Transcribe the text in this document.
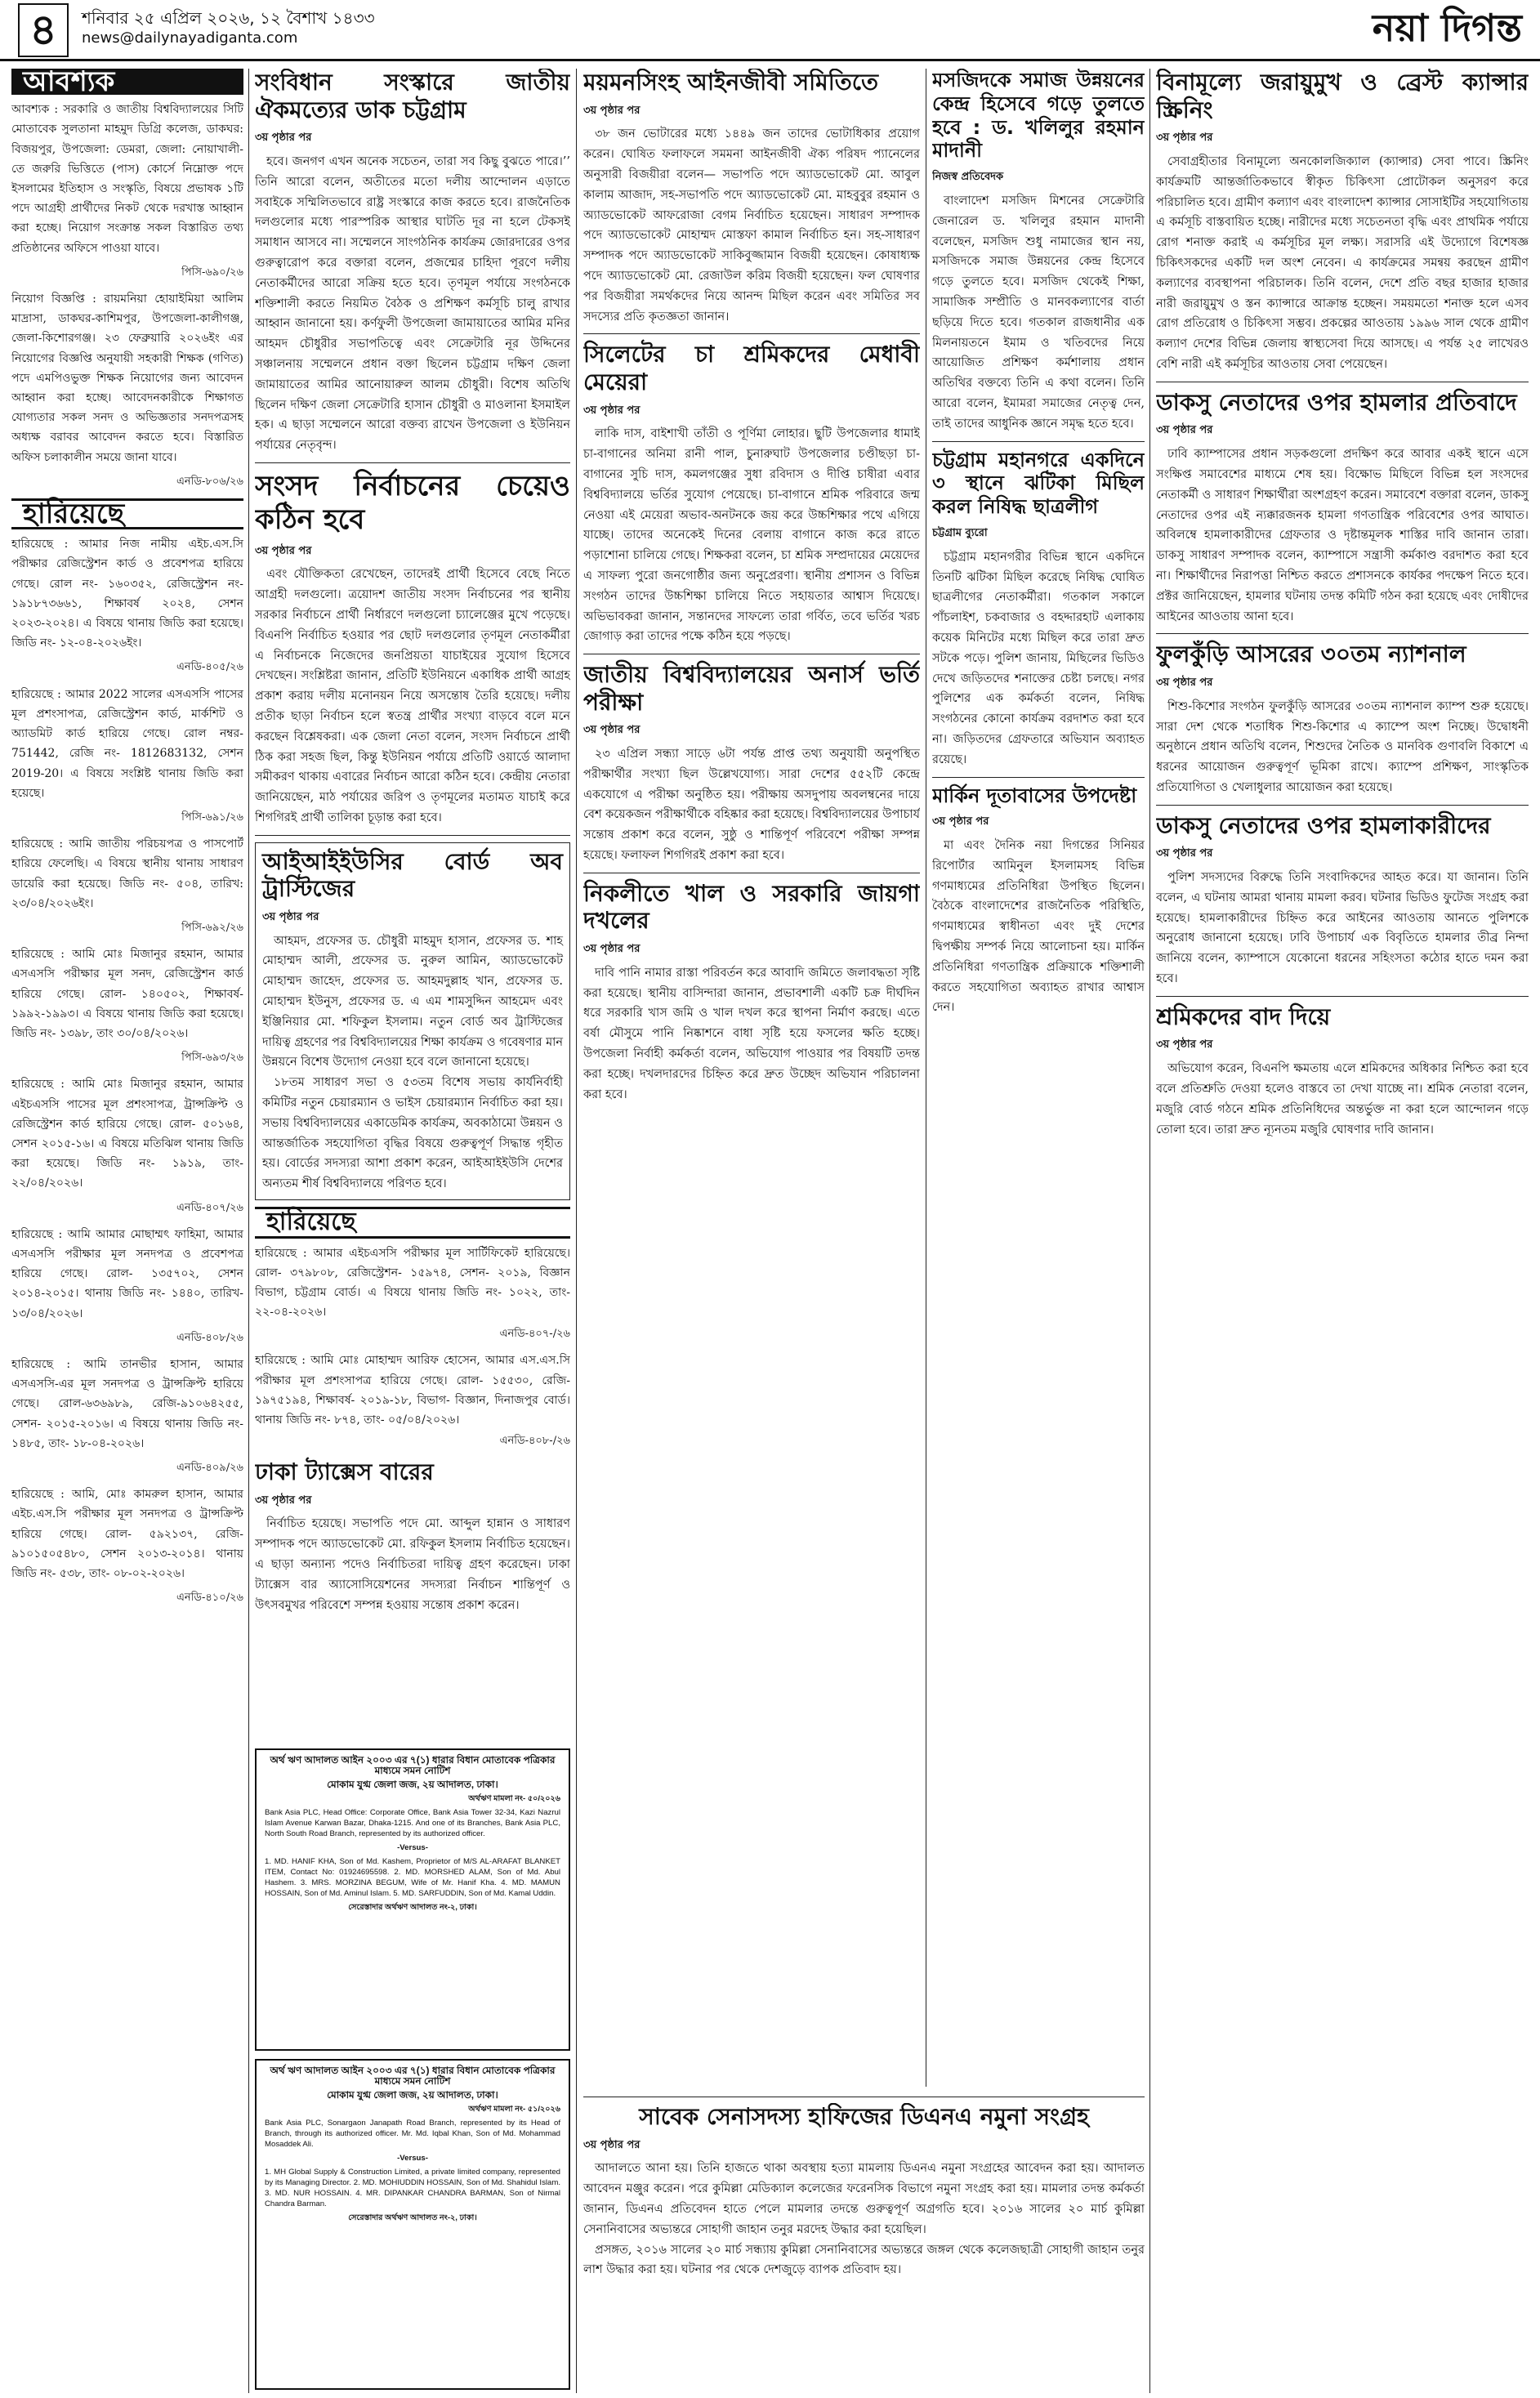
৪	শনিবার ২৫ এপ্রিল ২০২৬, ১২ বৈশাখ ১৪৩৩
news@dailynayadiganta.com	নয়া দিগন্ত
আবশ্যক

আবশ্যক : সরকারি ও জাতীয় বিশ্ববিদ্যালয়ের সিটি মোতাবেক সুলতানা মাহমুদ ডিগ্রি কলেজ, ডাকঘর: বিজয়পুর, উপজেলা: ডেমরা, জেলা: নোয়াখালী-তে জরুরি ভিত্তিতে (পাস) কোর্সে নিম্নোক্ত পদে ইসলামের ইতিহাস ও সংস্কৃতি, বিষয়ে প্রভাষক ১টি পদে আগ্রহী প্রার্থীদের নিকট থেকে দরখাস্ত আহ্বান করা হচ্ছে। নিয়োগ সংক্রান্ত সকল বিস্তারিত তথ্য প্রতিষ্ঠানের অফিসে পাওয়া যাবে।

পিসি-৬৯০/২৬

নিয়োগ বিজ্ঞপ্তি : রায়মনিয়া হোয়াইমিয়া আলিম মাদ্রাসা, ডাকঘর-কাশিমপুর, উপজেলা-কালীগঞ্জ, জেলা-কিশোরগঞ্জ। ২৩ ফেব্রুয়ারি ২০২৬ইং এর নিয়োগের বিজ্ঞপ্তি অনুযায়ী সহকারী শিক্ষক (গণিত) পদে এমপিওভুক্ত শিক্ষক নিয়োগের জন্য আবেদন আহ্বান করা হচ্ছে। আবেদনকারীকে শিক্ষাগত যোগ্যতার সকল সনদ ও অভিজ্ঞতার সনদপত্রসহ অধ্যক্ষ বরাবর আবেদন করতে হবে। বিস্তারিত অফিস চলাকালীন সময়ে জানা যাবে।

এনডি-৮০৬/২৬
হারিয়েছে

হারিয়েছে : আমার নিজ নামীয় এইচ.এস.সি পরীক্ষার রেজিস্ট্রেশন কার্ড ও প্রবেশপত্র হারিয়ে গেছে। রোল নং- ১৬০৩৫২, রেজিস্ট্রেশন নং- ১৯১৮৭৩৬৬১, শিক্ষাবর্ষ ২০২৪, সেশন ২০২৩-২০২৪। এ বিষয়ে থানায় জিডি করা হয়েছে। জিডি নং- ১২-০৪-২০২৬ইং।

এনডি-৪০৫/২৬

হারিয়েছে : আমার 2022 সালের এসএসসি পাসের মূল প্রশংসাপত্র, রেজিস্ট্রেশন কার্ড, মার্কশিট ও অ্যাডমিট কার্ড হারিয়ে গেছে। রোল নম্বর- 751442, রেজি নং- 1812683132, সেশন 2019-20। এ বিষয়ে সংশ্লিষ্ট থানায় জিডি করা হয়েছে।

পিসি-৬৯১/২৬

হারিয়েছে : আমি জাতীয় পরিচয়পত্র ও পাসপোর্ট হারিয়ে ফেলেছি। এ বিষয়ে স্থানীয় থানায় সাধারণ ডায়েরি করা হয়েছে। জিডি নং- ৫০৪, তারিখ: ২৩/০৪/২০২৬ইং।

পিসি-৬৯২/২৬

হারিয়েছে : আমি মোঃ মিজানুর রহমান, আমার এসএসসি পরীক্ষার মূল সনদ, রেজিস্ট্রেশন কার্ড হারিয়ে গেছে। রোল- ১৪০৫০২, শিক্ষাবর্ষ- ১৯৯২-১৯৯৩। এ বিষয়ে থানায় জিডি করা হয়েছে। জিডি নং- ১৩৯৮, তাং ৩০/০৪/২০২৬।

পিসি-৬৯৩/২৬

হারিয়েছে : আমি মোঃ মিজানুর রহমান, আমার এইচএসসি পাসের মূল প্রশংসাপত্র, ট্রান্সক্রিপ্ট ও রেজিস্ট্রেশন কার্ড হারিয়ে গেছে। রোল- ৫০১৬৪, সেশন ২০১৫-১৬। এ বিষয়ে মতিঝিল থানায় জিডি করা হয়েছে। জিডি নং- ১৯১৯, তাং- ২২/০৪/২০২৬।

এনডি-৪০৭/২৬

হারিয়েছে : আমি আমার মোছাম্মৎ ফাহিমা, আমার এসএসসি পরীক্ষার মূল সনদপত্র ও প্রবেশপত্র হারিয়ে গেছে। রোল- ১৩৫৭০২, সেশন ২০১৪-২০১৫। থানায় জিডি নং- ১৪৪০, তারিখ- ১৩/০৪/২০২৬।

এনডি-৪০৮/২৬

হারিয়েছে : আমি তানভীর হাসান, আমার এসএসসি-এর মূল সনদপত্র ও ট্রান্সক্রিপ্ট হারিয়ে গেছে। রোল-৬৩৬৯৮৯, রেজি-৯১০৬৪২৫৫, সেশন- ২০১৫-২০১৬। এ বিষয়ে থানায় জিডি নং- ১৪৮৫, তাং- ১৮-০৪-২০২৬।

এনডি-৪০৯/২৬

হারিয়েছে : আমি, মোঃ কামরুল হাসান, আমার এইচ.এস.সি পরীক্ষার মূল সনদপত্র ও ট্রান্সক্রিপ্ট হারিয়ে গেছে। রোল- ৫৯২১৩৭, রেজি- ৯১০১৫০৫৪৮০, সেশন ২০১৩-২০১৪। থানায় জিডি নং- ৫৩৮, তাং- ০৮-০২-২০২৬।

এনডি-৪১০/২৬
সংবিধান সংস্কারে জাতীয় ঐকমত্যের ডাক চট্টগ্রাম
৩য় পৃষ্ঠার পর

হবে। জনগণ এখন অনেক সচেতন, তারা সব কিছু বুঝতে পারে।’’ তিনি আরো বলেন, অতীতের মতো দলীয় আন্দোলন এড়াতে সবাইকে সম্মিলিতভাবে রাষ্ট্র সংস্কারে কাজ করতে হবে। রাজনৈতিক দলগুলোর মধ্যে পারস্পরিক আস্থার ঘাটতি দূর না হলে টেকসই সমাধান আসবে না। সম্মেলনে সাংগঠনিক কার্যক্রম জোরদারের ওপর গুরুত্বারোপ করে বক্তারা বলেন, প্রজন্মের চাহিদা পূরণে দলীয় নেতাকর্মীদের আরো সক্রিয় হতে হবে। তৃণমূল পর্যায়ে সংগঠনকে শক্তিশালী করতে নিয়মিত বৈঠক ও প্রশিক্ষণ কর্মসূচি চালু রাখার আহ্বান জানানো হয়। কর্ণফুলী উপজেলা জামায়াতের আমির মনির আহমদ চৌধুরীর সভাপতিত্বে এবং সেক্রেটারি নূর উদ্দিনের সঞ্চালনায় সম্মেলনে প্রধান বক্তা ছিলেন চট্টগ্রাম দক্ষিণ জেলা জামায়াতের আমির আনোয়ারুল আলম চৌধুরী। বিশেষ অতিথি ছিলেন দক্ষিণ জেলা সেক্রেটারি হাসান চৌধুরী ও মাওলানা ইসমাইল হক। এ ছাড়া সম্মেলনে আরো বক্তব্য রাখেন উপজেলা ও ইউনিয়ন পর্যায়ের নেতৃবৃন্দ।

সংসদ নির্বাচনের চেয়েও কঠিন হবে
৩য় পৃষ্ঠার পর

এবং যৌক্তিকতা রেখেছেন, তাদেরই প্রার্থী হিসেবে বেছে নিতে আগ্রহী দলগুলো। ত্রয়োদশ জাতীয় সংসদ নির্বাচনের পর স্থানীয় সরকার নির্বাচনে প্রার্থী নির্ধারণে দলগুলো চ্যালেঞ্জের মুখে পড়েছে। বিএনপি নির্বাচিত হওয়ার পর ছোট দলগুলোর তৃণমূল নেতাকর্মীরা এ নির্বাচনকে নিজেদের জনপ্রিয়তা যাচাইয়ের সুযোগ হিসেবে দেখছেন। সংশ্লিষ্টরা জানান, প্রতিটি ইউনিয়নে একাধিক প্রার্থী আগ্রহ প্রকাশ করায় দলীয় মনোনয়ন নিয়ে অসন্তোষ তৈরি হয়েছে। দলীয় প্রতীক ছাড়া নির্বাচন হলে স্বতন্ত্র প্রার্থীর সংখ্যা বাড়বে বলে মনে করছেন বিশ্লেষকরা। এক জেলা নেতা বলেন, সংসদ নির্বাচনে প্রার্থী ঠিক করা সহজ ছিল, কিন্তু ইউনিয়ন পর্যায়ে প্রতিটি ওয়ার্ডে আলাদা সমীকরণ থাকায় এবারের নির্বাচন আরো কঠিন হবে। কেন্দ্রীয় নেতারা জানিয়েছেন, মাঠ পর্যায়ের জরিপ ও তৃণমূলের মতামত যাচাই করে শিগগিরই প্রার্থী তালিকা চূড়ান্ত করা হবে।

আইআইইউসির বোর্ড অব ট্রাস্টিজের
৩য় পৃষ্ঠার পর

আহমদ, প্রফেসর ড. চৌধুরী মাহমুদ হাসান, প্রফেসর ড. শাহ মোহাম্মদ আলী, প্রফেসর ড. নুরুল আমিন, অ্যাডভোকেট মোহাম্মদ জাহেদ, প্রফেসর ড. আহমদুল্লাহ খান, প্রফেসর ড. মোহাম্মদ ইউনুস, প্রফেসর ড. এ এম শামসুদ্দিন আহমেদ এবং ইঞ্জিনিয়ার মো. শফিকুল ইসলাম। নতুন বোর্ড অব ট্রাস্টিজের দায়িত্ব গ্রহণের পর বিশ্ববিদ্যালয়ের শিক্ষা কার্যক্রম ও গবেষণার মান উন্নয়নে বিশেষ উদ্যোগ নেওয়া হবে বলে জানানো হয়েছে।

১৮তম সাধারণ সভা ও ৫৩তম বিশেষ সভায় কার্যনির্বাহী কমিটির নতুন চেয়ারম্যান ও ভাইস চেয়ারম্যান নির্বাচিত করা হয়। সভায় বিশ্ববিদ্যালয়ের একাডেমিক কার্যক্রম, অবকাঠামো উন্নয়ন ও আন্তর্জাতিক সহযোগিতা বৃদ্ধির বিষয়ে গুরুত্বপূর্ণ সিদ্ধান্ত গৃহীত হয়। বোর্ডের সদস্যরা আশা প্রকাশ করেন, আইআইইউসি দেশের অন্যতম শীর্ষ বিশ্ববিদ্যালয়ে পরিণত হবে।

হারিয়েছে

হারিয়েছে : আমার এইচএসসি পরীক্ষার মূল সার্টিফিকেট হারিয়েছে। রোল- ৩৭৯৮০৮, রেজিস্ট্রেশন- ১৫৯৭৪, সেশন- ২০১৯, বিজ্ঞান বিভাগ, চট্টগ্রাম বোর্ড। এ বিষয়ে থানায় জিডি নং- ১০২২, তাং- ২২-০৪-২০২৬।

এনডি-৪০৭-/২৬

হারিয়েছে : আমি মোঃ মোহাম্মদ আরিফ হোসেন, আমার এস.এস.সি পরীক্ষার মূল প্রশংসাপত্র হারিয়ে গেছে। রোল- ১৫৫৩০, রেজি- ১৯৭৫১৯৪, শিক্ষাবর্ষ- ২০১৯-১৮, বিভাগ- বিজ্ঞান, দিনাজপুর বোর্ড। থানায় জিডি নং- ৮৭৪, তাং- ০৫/০৪/২০২৬।

এনডি-৪০৮-/২৬
ঢাকা ট্যাক্সেস বারের
৩য় পৃষ্ঠার পর

নির্বাচিত হয়েছে। সভাপতি পদে মো. আব্দুল হান্নান ও সাধারণ সম্পাদক পদে অ্যাডভোকেট মো. রফিকুল ইসলাম নির্বাচিত হয়েছেন। এ ছাড়া অন্যান্য পদেও নির্বাচিতরা দায়িত্ব গ্রহণ করেছেন। ঢাকা ট্যাক্সেস বার অ্যাসোসিয়েশনের সদস্যরা নির্বাচন শান্তিপূর্ণ ও উৎসবমুখর পরিবেশে সম্পন্ন হওয়ায় সন্তোষ প্রকাশ করেন।

অর্থ ঋণ আদালত আইন ২০০৩ এর ৭(১) ধারার বিধান মোতাবেক পত্রিকার মাধ্যমে সমন নোটিশ
মোকাম যুগ্ম জেলা জজ, ২য় আদালত, ঢাকা।
অর্থঋণ মামলা নং- ৫০/২০২৬
Bank Asia PLC, Head Office: Corporate Office, Bank Asia Tower 32-34, Kazi Nazrul Islam Avenue Karwan Bazar, Dhaka-1215. And one of its Branches, Bank Asia PLC, North South Road Branch, represented by its authorized officer.
-Versus-
1. MD. HANIF KHA, Son of Md. Kashem, Proprietor of M/S AL-ARAFAT BLANKET ITEM, Contact No: 01924695598. 2. MD. MORSHED ALAM, Son of Md. Abul Hashem. 3. MRS. MORZINA BEGUM, Wife of Mr. Hanif Kha. 4. MD. MAMUN HOSSAIN, Son of Md. Aminul Islam. 5. MD. SARFUDDIN, Son of Md. Kamal Uddin.
সেরেস্তাদার অর্থঋণ আদালত নং-২, ঢাকা।
অর্থ ঋণ আদালত আইন ২০০৩ এর ৭(১) ধারার বিধান মোতাবেক পত্রিকার মাধ্যমে সমন নোটিশ
মোকাম যুগ্ম জেলা জজ, ২য় আদালত, ঢাকা।
অর্থঋণ মামলা নং- ৫১/২০২৬
Bank Asia PLC, Sonargaon Janapath Road Branch, represented by its Head of Branch, through its authorized officer. Mr. Md. Iqbal Khan, Son of Md. Mohammad Mosaddek Ali.
-Versus-
1. MH Global Supply & Construction Limited, a private limited company, represented by its Managing Director. 2. MD. MOHIUDDIN HOSSAIN, Son of Md. Shahidul Islam. 3. MD. NUR HOSSAIN. 4. MR. DIPANKAR CHANDRA BARMAN, Son of Nirmal Chandra Barman.
সেরেস্তাদার অর্থঋণ আদালত নং-২, ঢাকা।
ময়মনসিংহ আইনজীবী সমিতিতে
৩য় পৃষ্ঠার পর

৩৮ জন ভোটারের মধ্যে ১৪৪৯ জন তাদের ভোটাধিকার প্রয়োগ করেন। ঘোষিত ফলাফলে সমমনা আইনজীবী ঐক্য পরিষদ প্যানেলের অনুসারী বিজয়ীরা বলেন— সভাপতি পদে অ্যাডভোকেট মো. আবুল কালাম আজাদ, সহ-সভাপতি পদে অ্যাডভোকেট মো. মাহবুবুর রহমান ও অ্যাডভোকেট আফরোজা বেগম নির্বাচিত হয়েছেন। সাধারণ সম্পাদক পদে অ্যাডভোকেট মোহাম্মদ মোস্তফা কামাল নির্বাচিত হন। সহ-সাধারণ সম্পাদক পদে অ্যাডভোকেট সাকিবুজ্জামান বিজয়ী হয়েছেন। কোষাধ্যক্ষ পদে অ্যাডভোকেট মো. রেজাউল করিম বিজয়ী হয়েছেন। ফল ঘোষণার পর বিজয়ীরা সমর্থকদের নিয়ে আনন্দ মিছিল করেন এবং সমিতির সব সদস্যের প্রতি কৃতজ্ঞতা জানান।

সিলেটের চা শ্রমিকদের মেধাবী মেয়েরা
৩য় পৃষ্ঠার পর

লাকি দাস, বাইশাখী তাঁতী ও পূর্ণিমা লোহার। ছুটি উপজেলার ধামাই চা-বাগানের অনিমা রানী পাল, চুনারুঘাট উপজেলার চণ্ডীছড়া চা-বাগানের সুচি দাস, কমলগঞ্জের সুধা রবিদাস ও দীপ্তি চাষীরা এবার বিশ্ববিদ্যালয়ে ভর্তির সুযোগ পেয়েছে। চা-বাগানে শ্রমিক পরিবারে জন্ম নেওয়া এই মেয়েরা অভাব-অনটনকে জয় করে উচ্চশিক্ষার পথে এগিয়ে যাচ্ছে। তাদের অনেকেই দিনের বেলায় বাগানে কাজ করে রাতে পড়াশোনা চালিয়ে গেছে। শিক্ষকরা বলেন, চা শ্রমিক সম্প্রদায়ের মেয়েদের এ সাফল্য পুরো জনগোষ্ঠীর জন্য অনুপ্রেরণা। স্থানীয় প্রশাসন ও বিভিন্ন সংগঠন তাদের উচ্চশিক্ষা চালিয়ে নিতে সহায়তার আশ্বাস দিয়েছে। অভিভাবকরা জানান, সন্তানদের সাফল্যে তারা গর্বিত, তবে ভর্তির খরচ জোগাড় করা তাদের পক্ষে কঠিন হয়ে পড়ছে।

জাতীয় বিশ্ববিদ্যালয়ের অনার্স ভর্তি পরীক্ষা
৩য় পৃষ্ঠার পর

২৩ এপ্রিল সন্ধ্যা সাড়ে ৬টা পর্যন্ত প্রাপ্ত তথ্য অনুযায়ী অনুপস্থিত পরীক্ষার্থীর সংখ্যা ছিল উল্লেখযোগ্য। সারা দেশের ৫৫২টি কেন্দ্রে একযোগে এ পরীক্ষা অনুষ্ঠিত হয়। পরীক্ষায় অসদুপায় অবলম্বনের দায়ে বেশ কয়েকজন পরীক্ষার্থীকে বহিষ্কার করা হয়েছে। বিশ্ববিদ্যালয়ের উপাচার্য সন্তোষ প্রকাশ করে বলেন, সুষ্ঠু ও শান্তিপূর্ণ পরিবেশে পরীক্ষা সম্পন্ন হয়েছে। ফলাফল শিগগিরই প্রকাশ করা হবে।

নিকলীতে খাল ও সরকারি জায়গা দখলের
৩য় পৃষ্ঠার পর

দাবি পানি নামার রাস্তা পরিবর্তন করে আবাদি জমিতে জলাবদ্ধতা সৃষ্টি করা হয়েছে। স্থানীয় বাসিন্দারা জানান, প্রভাবশালী একটি চক্র দীর্ঘদিন ধরে সরকারি খাস জমি ও খাল দখল করে স্থাপনা নির্মাণ করছে। এতে বর্ষা মৌসুমে পানি নিষ্কাশনে বাধা সৃষ্টি হয়ে ফসলের ক্ষতি হচ্ছে। উপজেলা নির্বাহী কর্মকর্তা বলেন, অভিযোগ পাওয়ার পর বিষয়টি তদন্ত করা হচ্ছে। দখলদারদের চিহ্নিত করে দ্রুত উচ্ছেদ অভিযান পরিচালনা করা হবে।

মসজিদকে সমাজ উন্নয়নের কেন্দ্র হিসেবে গড়ে তুলতে হবে : ড. খলিলুর রহমান মাদানী
নিজস্ব প্রতিবেদক

বাংলাদেশ মসজিদ মিশনের সেক্রেটারি জেনারেল ড. খলিলুর রহমান মাদানী বলেছেন, মসজিদ শুধু নামাজের স্থান নয়, মসজিদকে সমাজ উন্নয়নের কেন্দ্র হিসেবে গড়ে তুলতে হবে। মসজিদ থেকেই শিক্ষা, সামাজিক সম্প্রীতি ও মানবকল্যাণের বার্তা ছড়িয়ে দিতে হবে। গতকাল রাজধানীর এক মিলনায়তনে ইমাম ও খতিবদের নিয়ে আয়োজিত প্রশিক্ষণ কর্মশালায় প্রধান অতিথির বক্তব্যে তিনি এ কথা বলেন। তিনি আরো বলেন, ইমামরা সমাজের নেতৃত্ব দেন, তাই তাদের আধুনিক জ্ঞানে সমৃদ্ধ হতে হবে।

চট্টগ্রাম মহানগরে একদিনে ৩ স্থানে ঝটিকা মিছিল করল নিষিদ্ধ ছাত্রলীগ
চট্টগ্রাম ব্যুরো

চট্টগ্রাম মহানগরীর বিভিন্ন স্থানে একদিনে তিনটি ঝটিকা মিছিল করেছে নিষিদ্ধ ঘোষিত ছাত্রলীগের নেতাকর্মীরা। গতকাল সকালে পাঁচলাইশ, চকবাজার ও বহদ্দারহাট এলাকায় কয়েক মিনিটের মধ্যে মিছিল করে তারা দ্রুত সটকে পড়ে। পুলিশ জানায়, মিছিলের ভিডিও দেখে জড়িতদের শনাক্তের চেষ্টা চলছে। নগর পুলিশের এক কর্মকর্তা বলেন, নিষিদ্ধ সংগঠনের কোনো কার্যক্রম বরদাশত করা হবে না। জড়িতদের গ্রেফতারে অভিযান অব্যাহত রয়েছে।

মার্কিন দূতাবাসের উপদেষ্টা
৩য় পৃষ্ঠার পর

মা এবং দৈনিক নয়া দিগন্তের সিনিয়র রিপোর্টার আমিনুল ইসলামসহ বিভিন্ন গণমাধ্যমের প্রতিনিধিরা উপস্থিত ছিলেন। বৈঠকে বাংলাদেশের রাজনৈতিক পরিস্থিতি, গণমাধ্যমের স্বাধীনতা এবং দুই দেশের দ্বিপক্ষীয় সম্পর্ক নিয়ে আলোচনা হয়। মার্কিন প্রতিনিধিরা গণতান্ত্রিক প্রক্রিয়াকে শক্তিশালী করতে সহযোগিতা অব্যাহত রাখার আশ্বাস দেন।

বিনামূল্যে জরায়ুমুখ ও ব্রেস্ট ক্যান্সার স্ক্রিনিং
৩য় পৃষ্ঠার পর

সেবাগ্রহীতার বিনামূল্যে অনকোলজিক্যাল (ক্যান্সার) সেবা পাবে। স্ক্রিনিং কার্যক্রমটি আন্তর্জাতিকভাবে স্বীকৃত চিকিৎসা প্রোটোকল অনুসরণ করে পরিচালিত হবে। গ্রামীণ কল্যাণ এবং বাংলাদেশ ক্যান্সার সোসাইটির সহযোগিতায় এ কর্মসূচি বাস্তবায়িত হচ্ছে। নারীদের মধ্যে সচেতনতা বৃদ্ধি এবং প্রাথমিক পর্যায়ে রোগ শনাক্ত করাই এ কর্মসূচির মূল লক্ষ্য। সরাসরি এই উদ্যোগে বিশেষজ্ঞ চিকিৎসকদের একটি দল অংশ নেবেন। এ কার্যক্রমের সমন্বয় করছেন গ্রামীণ কল্যাণের ব্যবস্থাপনা পরিচালক। তিনি বলেন, দেশে প্রতি বছর হাজার হাজার নারী জরায়ুমুখ ও স্তন ক্যান্সারে আক্রান্ত হচ্ছেন। সময়মতো শনাক্ত হলে এসব রোগ প্রতিরোধ ও চিকিৎসা সম্ভব। প্রকল্পের আওতায় ১৯৯৬ সাল থেকে গ্রামীণ কল্যাণ দেশের বিভিন্ন জেলায় স্বাস্থ্যসেবা দিয়ে আসছে। এ পর্যন্ত ২৫ লাখেরও বেশি নারী এই কর্মসূচির আওতায় সেবা পেয়েছেন।

ডাকসু নেতাদের ওপর হামলার প্রতিবাদে
৩য় পৃষ্ঠার পর

ঢাবি ক্যাম্পাসের প্রধান সড়কগুলো প্রদক্ষিণ করে আবার একই স্থানে এসে সংক্ষিপ্ত সমাবেশের মাধ্যমে শেষ হয়। বিক্ষোভ মিছিলে বিভিন্ন হল সংসদের নেতাকর্মী ও সাধারণ শিক্ষার্থীরা অংশগ্রহণ করেন। সমাবেশে বক্তারা বলেন, ডাকসু নেতাদের ওপর এই ন্যক্কারজনক হামলা গণতান্ত্রিক পরিবেশের ওপর আঘাত। অবিলম্বে হামলাকারীদের গ্রেফতার ও দৃষ্টান্তমূলক শাস্তির দাবি জানান তারা। ডাকসু সাধারণ সম্পাদক বলেন, ক্যাম্পাসে সন্ত্রাসী কর্মকাণ্ড বরদাশত করা হবে না। শিক্ষার্থীদের নিরাপত্তা নিশ্চিত করতে প্রশাসনকে কার্যকর পদক্ষেপ নিতে হবে। প্রক্টর জানিয়েছেন, হামলার ঘটনায় তদন্ত কমিটি গঠন করা হয়েছে এবং দোষীদের আইনের আওতায় আনা হবে।

ফুলকুঁড়ি আসরের ৩০তম ন্যাশনাল
৩য় পৃষ্ঠার পর

শিশু-কিশোর সংগঠন ফুলকুঁড়ি আসরের ৩০তম ন্যাশনাল ক্যাম্প শুরু হয়েছে। সারা দেশ থেকে শতাধিক শিশু-কিশোর এ ক্যাম্পে অংশ নিচ্ছে। উদ্বোধনী অনুষ্ঠানে প্রধান অতিথি বলেন, শিশুদের নৈতিক ও মানবিক গুণাবলি বিকাশে এ ধরনের আয়োজন গুরুত্বপূর্ণ ভূমিকা রাখে। ক্যাম্পে প্রশিক্ষণ, সাংস্কৃতিক প্রতিযোগিতা ও খেলাধুলার আয়োজন করা হয়েছে।

ডাকসু নেতাদের ওপর হামলাকারীদের
৩য় পৃষ্ঠার পর

পুলিশ সদস্যদের বিরুদ্ধে তিনি সংবাদিকদের আহত করে। যা জানান। তিনি বলেন, এ ঘটনায় আমরা থানায় মামলা করব। ঘটনার ভিডিও ফুটেজ সংগ্রহ করা হয়েছে। হামলাকারীদের চিহ্নিত করে আইনের আওতায় আনতে পুলিশকে অনুরোধ জানানো হয়েছে। ঢাবি উপাচার্য এক বিবৃতিতে হামলার তীব্র নিন্দা জানিয়ে বলেন, ক্যাম্পাসে যেকোনো ধরনের সহিংসতা কঠোর হাতে দমন করা হবে।

শ্রমিকদের বাদ দিয়ে
৩য় পৃষ্ঠার পর

অভিযোগ করেন, বিএনপি ক্ষমতায় এলে শ্রমিকদের অধিকার নিশ্চিত করা হবে বলে প্রতিশ্রুতি দেওয়া হলেও বাস্তবে তা দেখা যাচ্ছে না। শ্রমিক নেতারা বলেন, মজুরি বোর্ড গঠনে শ্রমিক প্রতিনিধিদের অন্তর্ভুক্ত না করা হলে আন্দোলন গড়ে তোলা হবে। তারা দ্রুত ন্যূনতম মজুরি ঘোষণার দাবি জানান।

সাবেক সেনাসদস্য হাফিজের ডিএনএ নমুনা সংগ্রহ
৩য় পৃষ্ঠার পর

আদালতে আনা হয়। তিনি হাজতে থাকা অবস্থায় হত্যা মামলায় ডিএনএ নমুনা সংগ্রহের আবেদন করা হয়। আদালত আবেদন মঞ্জুর করেন। পরে কুমিল্লা মেডিক্যাল কলেজের ফরেনসিক বিভাগে নমুনা সংগ্রহ করা হয়। মামলার তদন্ত কর্মকর্তা জানান, ডিএনএ প্রতিবেদন হাতে পেলে মামলার তদন্তে গুরুত্বপূর্ণ অগ্রগতি হবে। ২০১৬ সালের ২০ মার্চ কুমিল্লা সেনানিবাসের অভ্যন্তরে সোহাগী জাহান তনুর মরদেহ উদ্ধার করা হয়েছিল।

প্রসঙ্গত, ২০১৬ সালের ২০ মার্চ সন্ধ্যায় কুমিল্লা সেনানিবাসের অভ্যন্তরে জঙ্গল থেকে কলেজছাত্রী সোহাগী জাহান তনুর লাশ উদ্ধার করা হয়। ঘটনার পর থেকে দেশজুড়ে ব্যাপক প্রতিবাদ হয়।
